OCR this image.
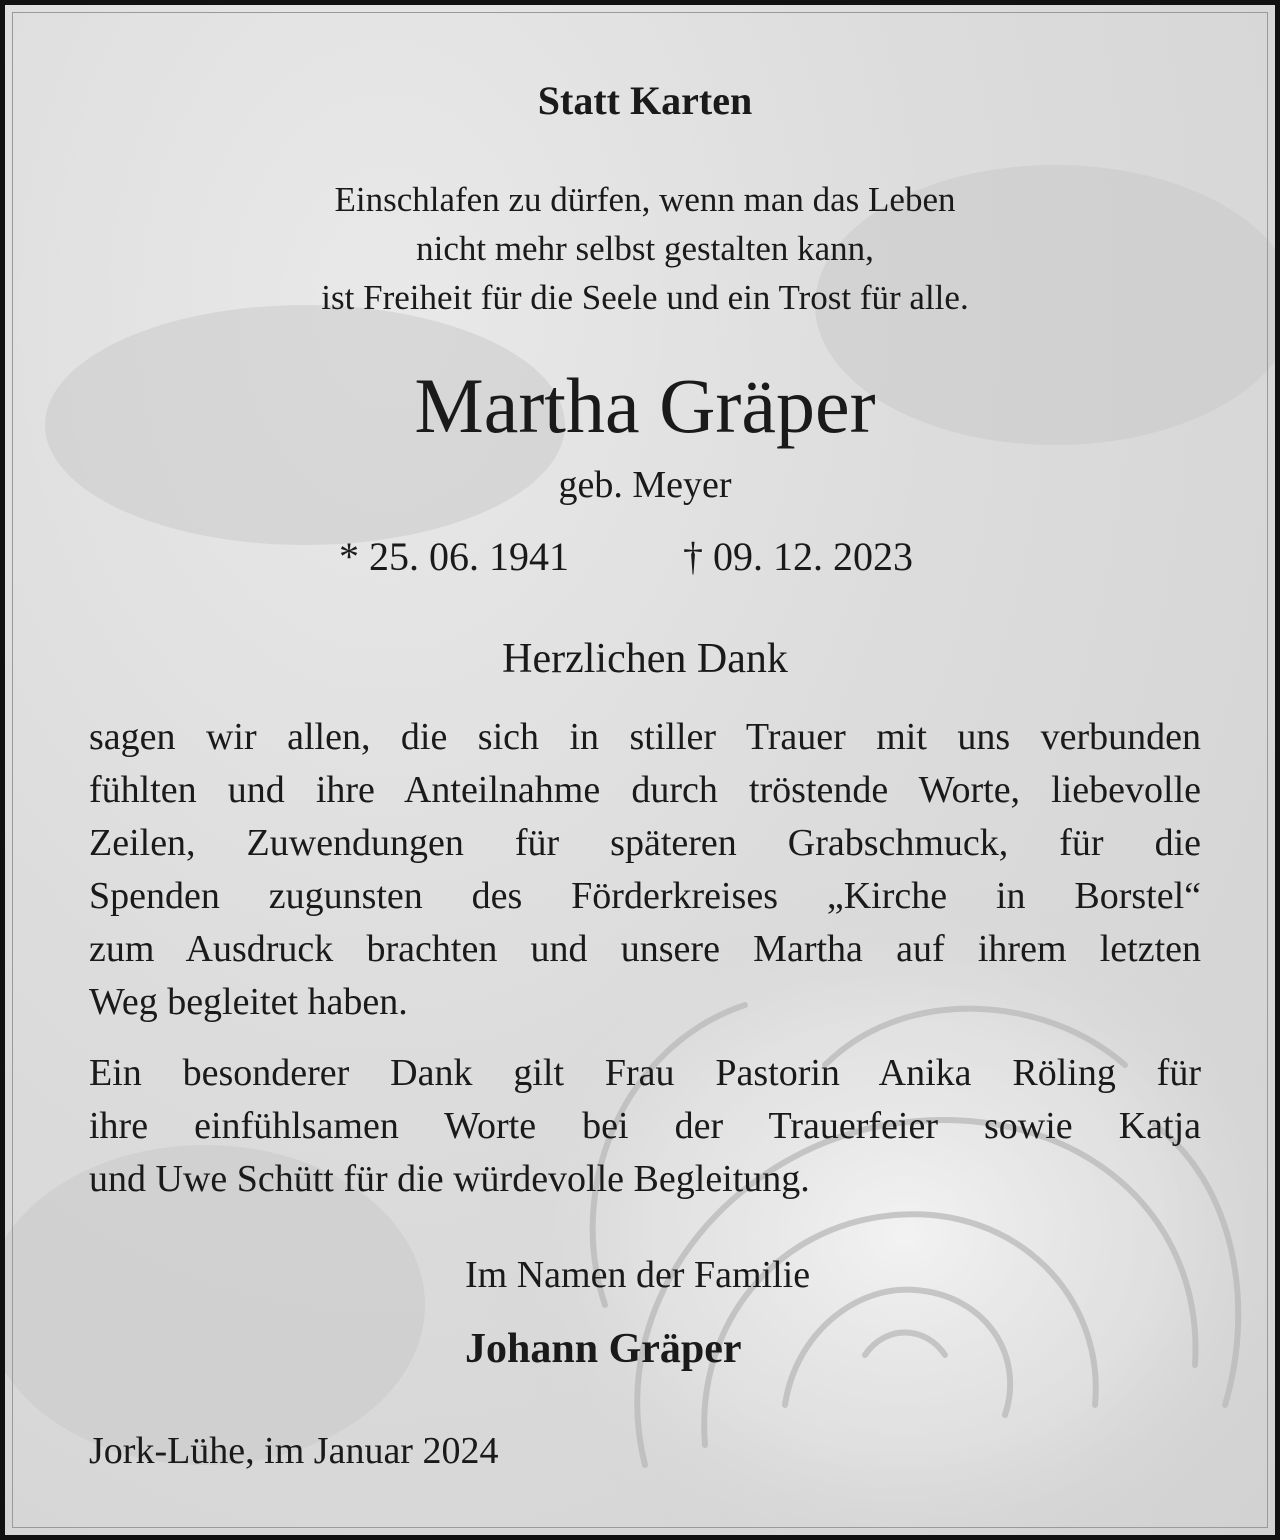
Statt Karten

Einschlafen zu dürfen, wenn man das Leben
nicht mehr selbst gestalten kann,
ist Freiheit für die Seele und ein Trost für alle.

Martha Gräper

geb. Meyer

* 25. 06. 1941	† 09. 12. 2023

Herzlichen Dank

sagen wir allen, die sich in stiller Trauer mit uns verbunden
fühlten und ihre Anteilnahme durch tröstende Worte, liebevolle
Zeilen, Zuwendungen für späteren Grabschmuck, für die
Spenden zugunsten des Förderkreises „Kirche in Borstel“
zum Ausdruck brachten und unsere Martha auf ihrem letzten
Weg begleitet haben.
Ein besonderer Dank gilt Frau Pastorin Anika Röling für
ihre einfühlsamen Worte bei der Trauerfeier sowie Katja
und Uwe Schütt für die würdevolle Begleitung.

Im Namen der Familie

Johann Gräper

Jork-Lühe, im Januar 2024
